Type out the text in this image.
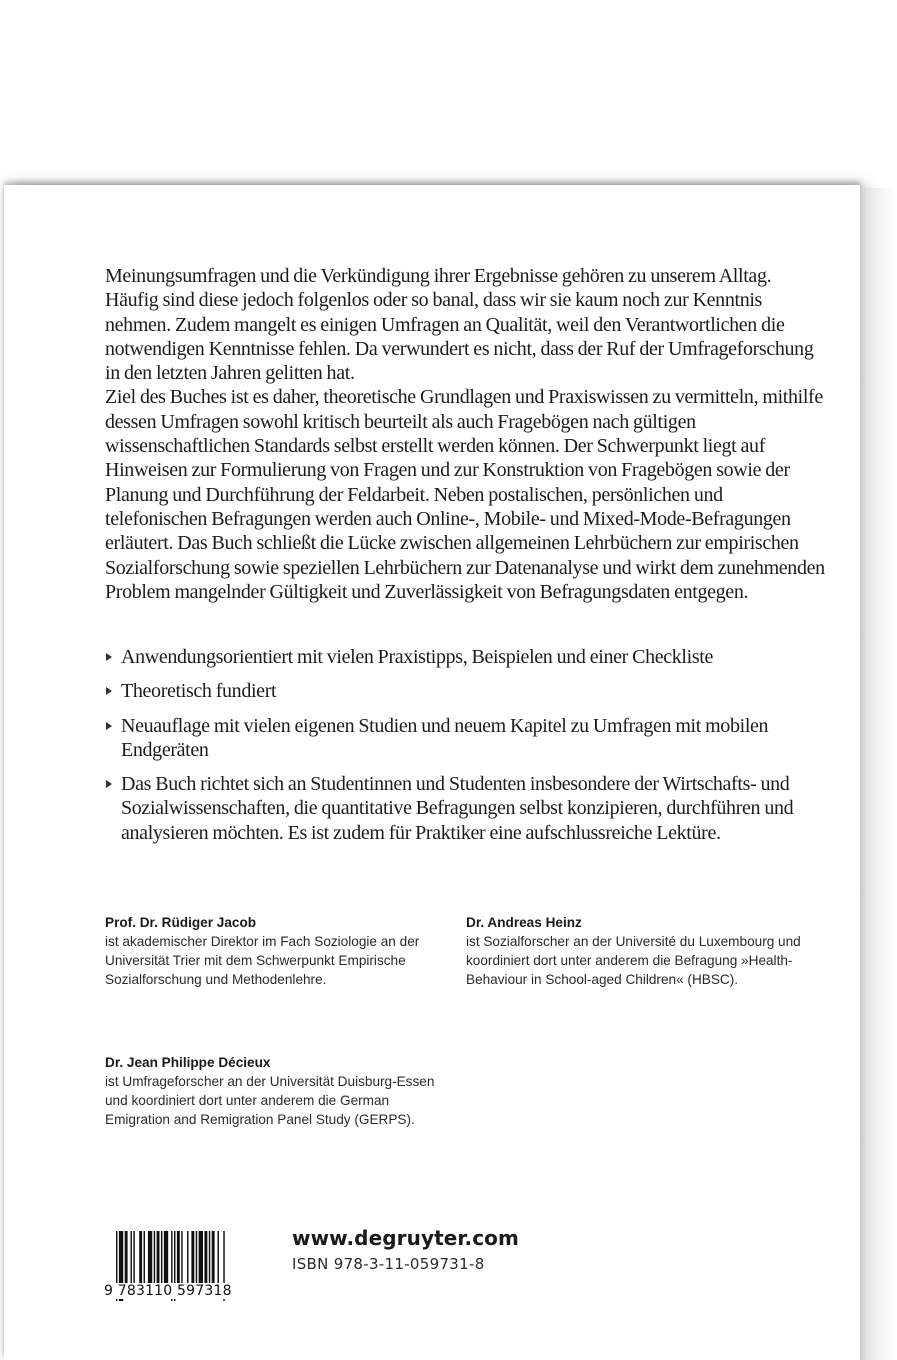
Meinungsumfragen und die Verkündigung ihrer Ergebnisse gehören zu unserem Alltag. Häufig sind diese jedoch folgenlos oder so banal, dass wir sie kaum noch zur Kenntnis nehmen. Zudem mangelt es einigen Umfragen an Qualität, weil den Verantwortlichen die notwendigen Kenntnisse fehlen. Da verwundert es nicht, dass der Ruf der Umfrageforschung in den letzten Jahren gelitten hat.

Ziel des Buches ist es daher, theoretische Grundlagen und Praxiswissen zu vermitteln, mithilfe dessen Umfragen sowohl kritisch beurteilt als auch Fragebögen nach gültigen wissenschaftlichen Standards selbst erstellt werden können. Der Schwerpunkt liegt auf Hinweisen zur Formulierung von Fragen und zur Konstruktion von Fragebögen sowie der Planung und Durchführung der Feldarbeit. Neben postalischen, persönlichen und telefonischen Befragungen werden auch Online-, Mobile- und Mixed-Mode-Befragungen erläutert. Das Buch schließt die Lücke zwischen allgemeinen Lehrbüchern zur empirischen Sozialforschung sowie speziellen Lehrbüchern zur Datenanalyse und wirkt dem zunehmenden Problem mangelnder Gültigkeit und Zuverlässigkeit von Befragungsdaten entgegen.

Anwendungsorientiert mit vielen Praxistipps, Beispielen und einer Checkliste
Theoretisch fundiert
Neuauflage mit vielen eigenen Studien und neuem Kapitel zu Umfragen mit mobilen Endgeräten
Das Buch richtet sich an Studentinnen und Studenten insbesondere der Wirtschafts- und Sozialwissenschaften, die quantitative Befragungen selbst konzipieren, durchführen und analysieren möchten. Es ist zudem für Praktiker eine aufschlussreiche Lektüre.
Prof. Dr. Rüdiger Jacob
ist akademischer Direktor im Fach Soziologie an der Universität Trier mit dem Schwerpunkt Empirische Sozialforschung und Methodenlehre.
Dr. Andreas Heinz
ist Sozialforscher an der Université du Luxembourg und koordiniert dort unter anderem die Befragung »Health-Behaviour in School-aged Children« (HBSC).
Dr. Jean Philippe Décieux
ist Umfrageforscher an der Universität Duisburg-Essen und koordiniert dort unter anderem die German Emigration and Remigration Panel Study (GERPS).
9 783110 597318
www.degruyter.com
ISBN 978-3-11-059731-8
